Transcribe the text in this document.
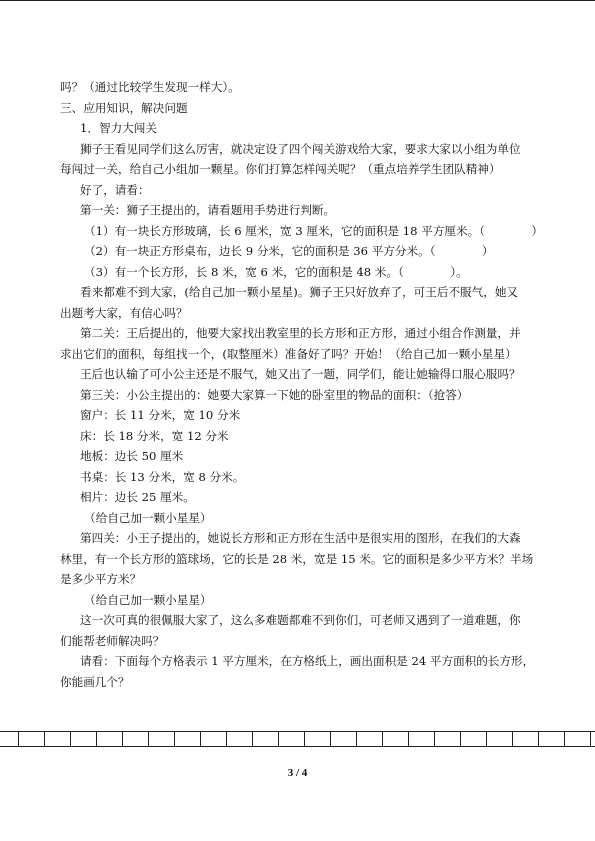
吗？（通过比较学生发现一样大）。
三、应用知识，解决问题
1．智力大闯关
狮子王看见同学们这么厉害，就决定设了四个闯关游戏给大家，要求大家以小组为单位
每闯过一关，给自己小组加一颗星。你们打算怎样闯关呢？（重点培养学生团队精神）
好了，请看：
第一关：狮子王提出的，请看题用手势进行判断。
（1）有一块长方形玻璃，长 6 厘米，宽 3 厘米，它的面积是 18 平方厘米。（　　　　）
（2）有一块正方形桌布，边长 9 分米，它的面积是 36 平方分米。（　　　　）
（3）有一个长方形，长 8 米，宽 6 米，它的面积是 48 米。（　　　　）。
看来都难不到大家，(给自己加一颗小星星)。狮子王只好放弃了，可王后不服气，她又
出题考大家，有信心吗？
第二关：王后提出的，他要大家找出教室里的长方形和正方形，通过小组合作测量，并
求出它们的面积，每组找一个，(取整厘米）准备好了吗？开始！（给自己加一颗小星星）
王后也认输了可小公主还是不服气，她又出了一题，同学们，能让她输得口服心服吗？
第三关：小公主提出的：她要大家算一下她的卧室里的物品的面积：（抢答）
窗户：长 11 分米，宽 10 分米
床：长 18 分米，宽 12 分米
地板：边长 50 厘米
书桌：长 13 分米，宽 8 分米。
相片：边长 25 厘米。
（给自己加一颗小星星）
第四关：小王子提出的，她说长方形和正方形在生活中是很实用的图形，在我们的大森
林里，有一个长方形的篮球场，它的长是 28 米，宽是 15 米。它的面积是多少平方米？半场
是多少平方米？
（给自己加一颗小星星）
这一次可真的很佩服大家了，这么多难题都难不到你们，可老师又遇到了一道难题，你
们能帮老师解决吗？
请看：下面每个方格表示 1 平方厘米，在方格纸上，画出面积是 24 平方面积的长方形，
你能画几个？
3 / 4
